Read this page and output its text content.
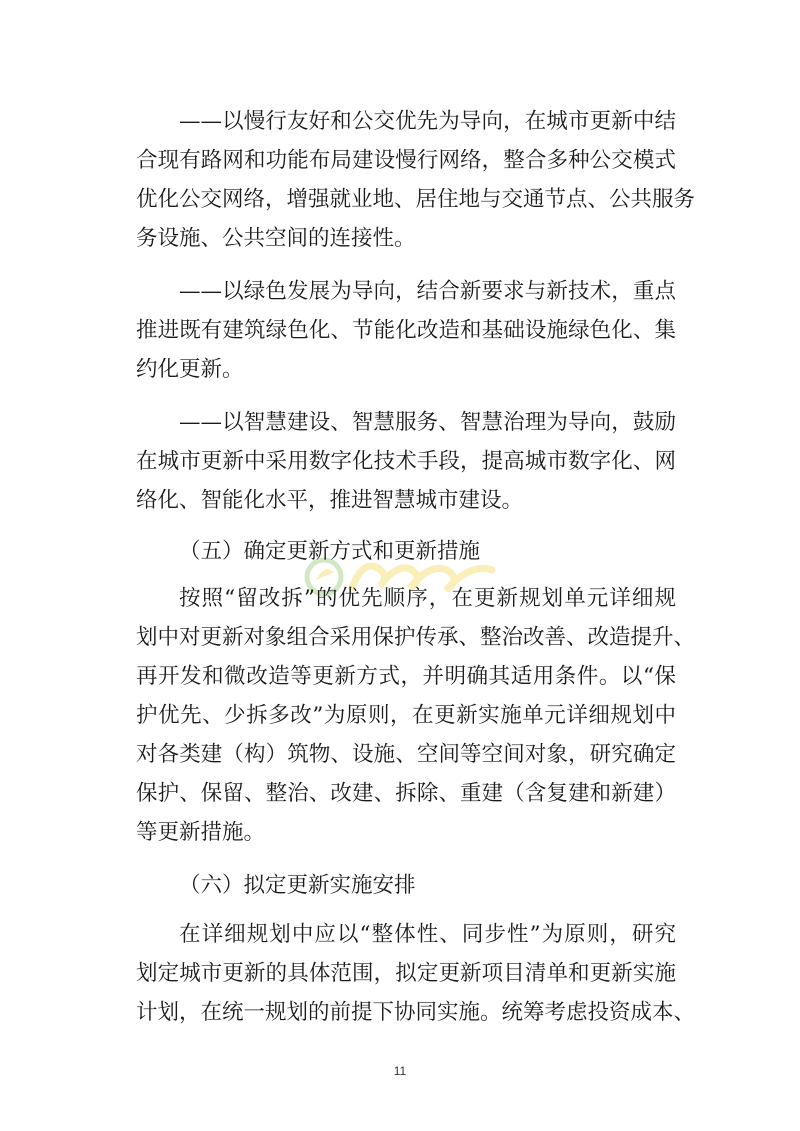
——以慢行友好和公交优先为导向，在城市更新中结
合现有路网和功能布局建设慢行网络，整合多种公交模式
优化公交网络，增强就业地、居住地与交通节点、公共服务
务设施、公共空间的连接性。
——以绿色发展为导向，结合新要求与新技术，重点
推进既有建筑绿色化、节能化改造和基础设施绿色化、集
约化更新。
——以智慧建设、智慧服务、智慧治理为导向，鼓励
在城市更新中采用数字化技术手段，提高城市数字化、网
络化、智能化水平，推进智慧城市建设。
（五）确定更新方式和更新措施
按照“留改拆”的优先顺序，在更新规划单元详细规
划中对更新对象组合采用保护传承、整治改善、改造提升、
再开发和微改造等更新方式，并明确其适用条件。以“保
护优先、少拆多改”为原则，在更新实施单元详细规划中
对各类建（构）筑物、设施、空间等空间对象，研究确定
保护、保留、整治、改建、拆除、重建（含复建和新建）
等更新措施。
（六）拟定更新实施安排
在详细规划中应以“整体性、同步性”为原则，研究
划定城市更新的具体范围，拟定更新项目清单和更新实施
计划，在统一规划的前提下协同实施。统筹考虑投资成本、
11
